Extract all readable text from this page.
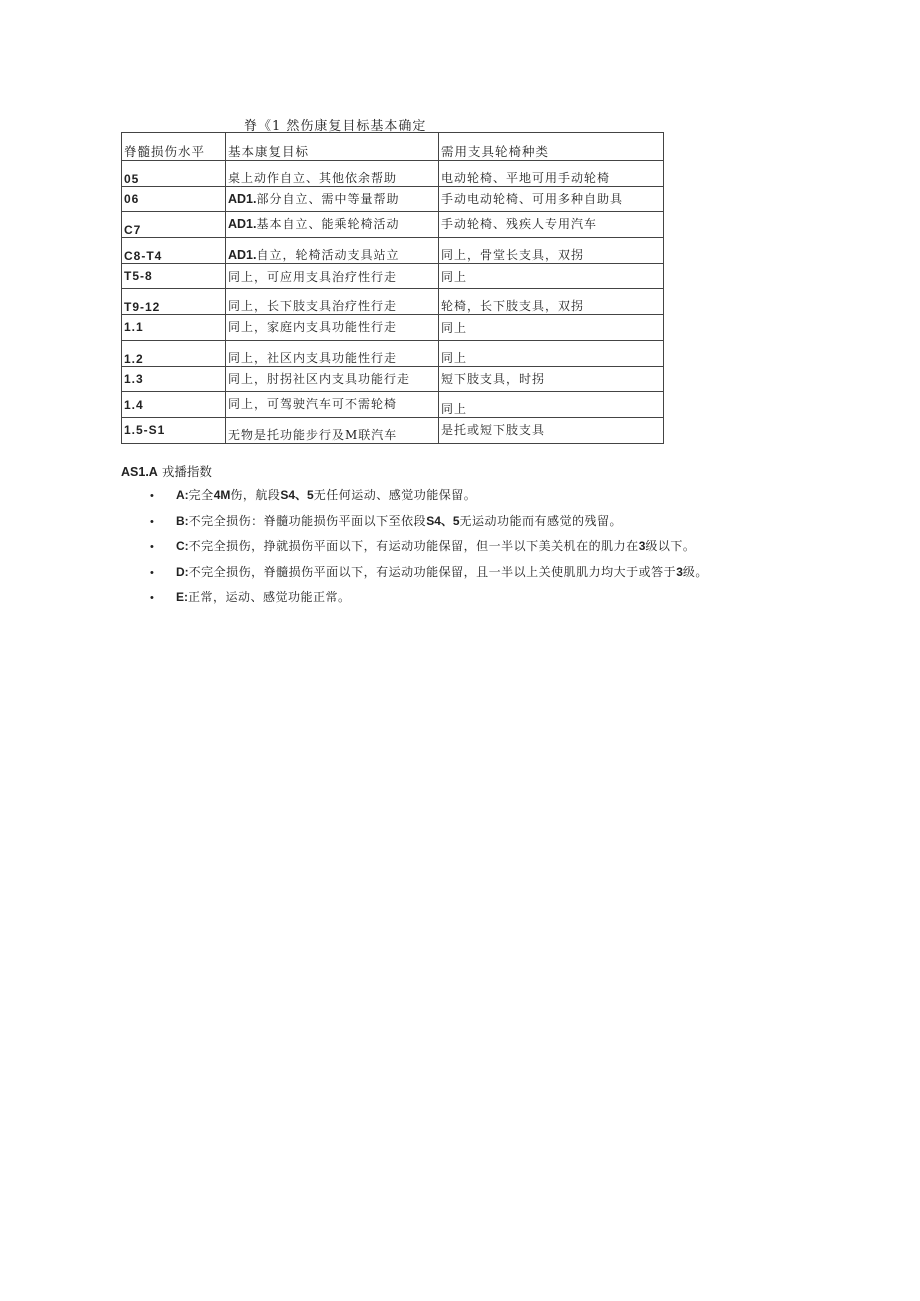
脊《1 然伤康复目标基本确定
脊髓损伤水平	基本康复目标	需用支具轮椅种类
05	桌上动作自立、其他依余帮助	电动轮椅、平地可用手动轮椅
06	AD1.部分自立、需中等量帮助	手动电动轮椅、可用多种自助具
C7	AD1.基本自立、能乘轮椅活动	手动轮椅、残疾人专用汽车
C8-T4	AD1.自立，轮椅活动支具站立	同上，骨堂长支具，双拐
T5-8	同上，可应用支具治疗性行走	同上
T9-12	同上，长下肢支具治疗性行走	轮椅，长下肢支具，双拐
1.1	同上，家庭内支具功能性行走	同上
1.2	同上，社区内支具功能性行走	同上
1.3	同上，肘拐社区内支具功能行走	短下肢支具，时拐
1.4	同上，可驾驶汽车可不需轮椅	同上
1.5-S1	无物是托功能步行及M联汽车	是托或短下肢支具
AS1.A 戎播指数
• A:完全4M伤，航段S4、5无任何运动、感觉功能保留。
• B:不完全损伤：脊髓功能损伤平面以下至依段S4、5无运动功能而有感觉的残留。
• C:不完全损伤，挣就损伤平面以下，有运动功能保留，但一半以下美关机在的肌力在3级以下。
• D:不完全损伤，脊髓损伤平面以下，有运动功能保留，且一半以上关使肌肌力均大于或答于3级。
• E:正常，运动、感觉功能正常。
